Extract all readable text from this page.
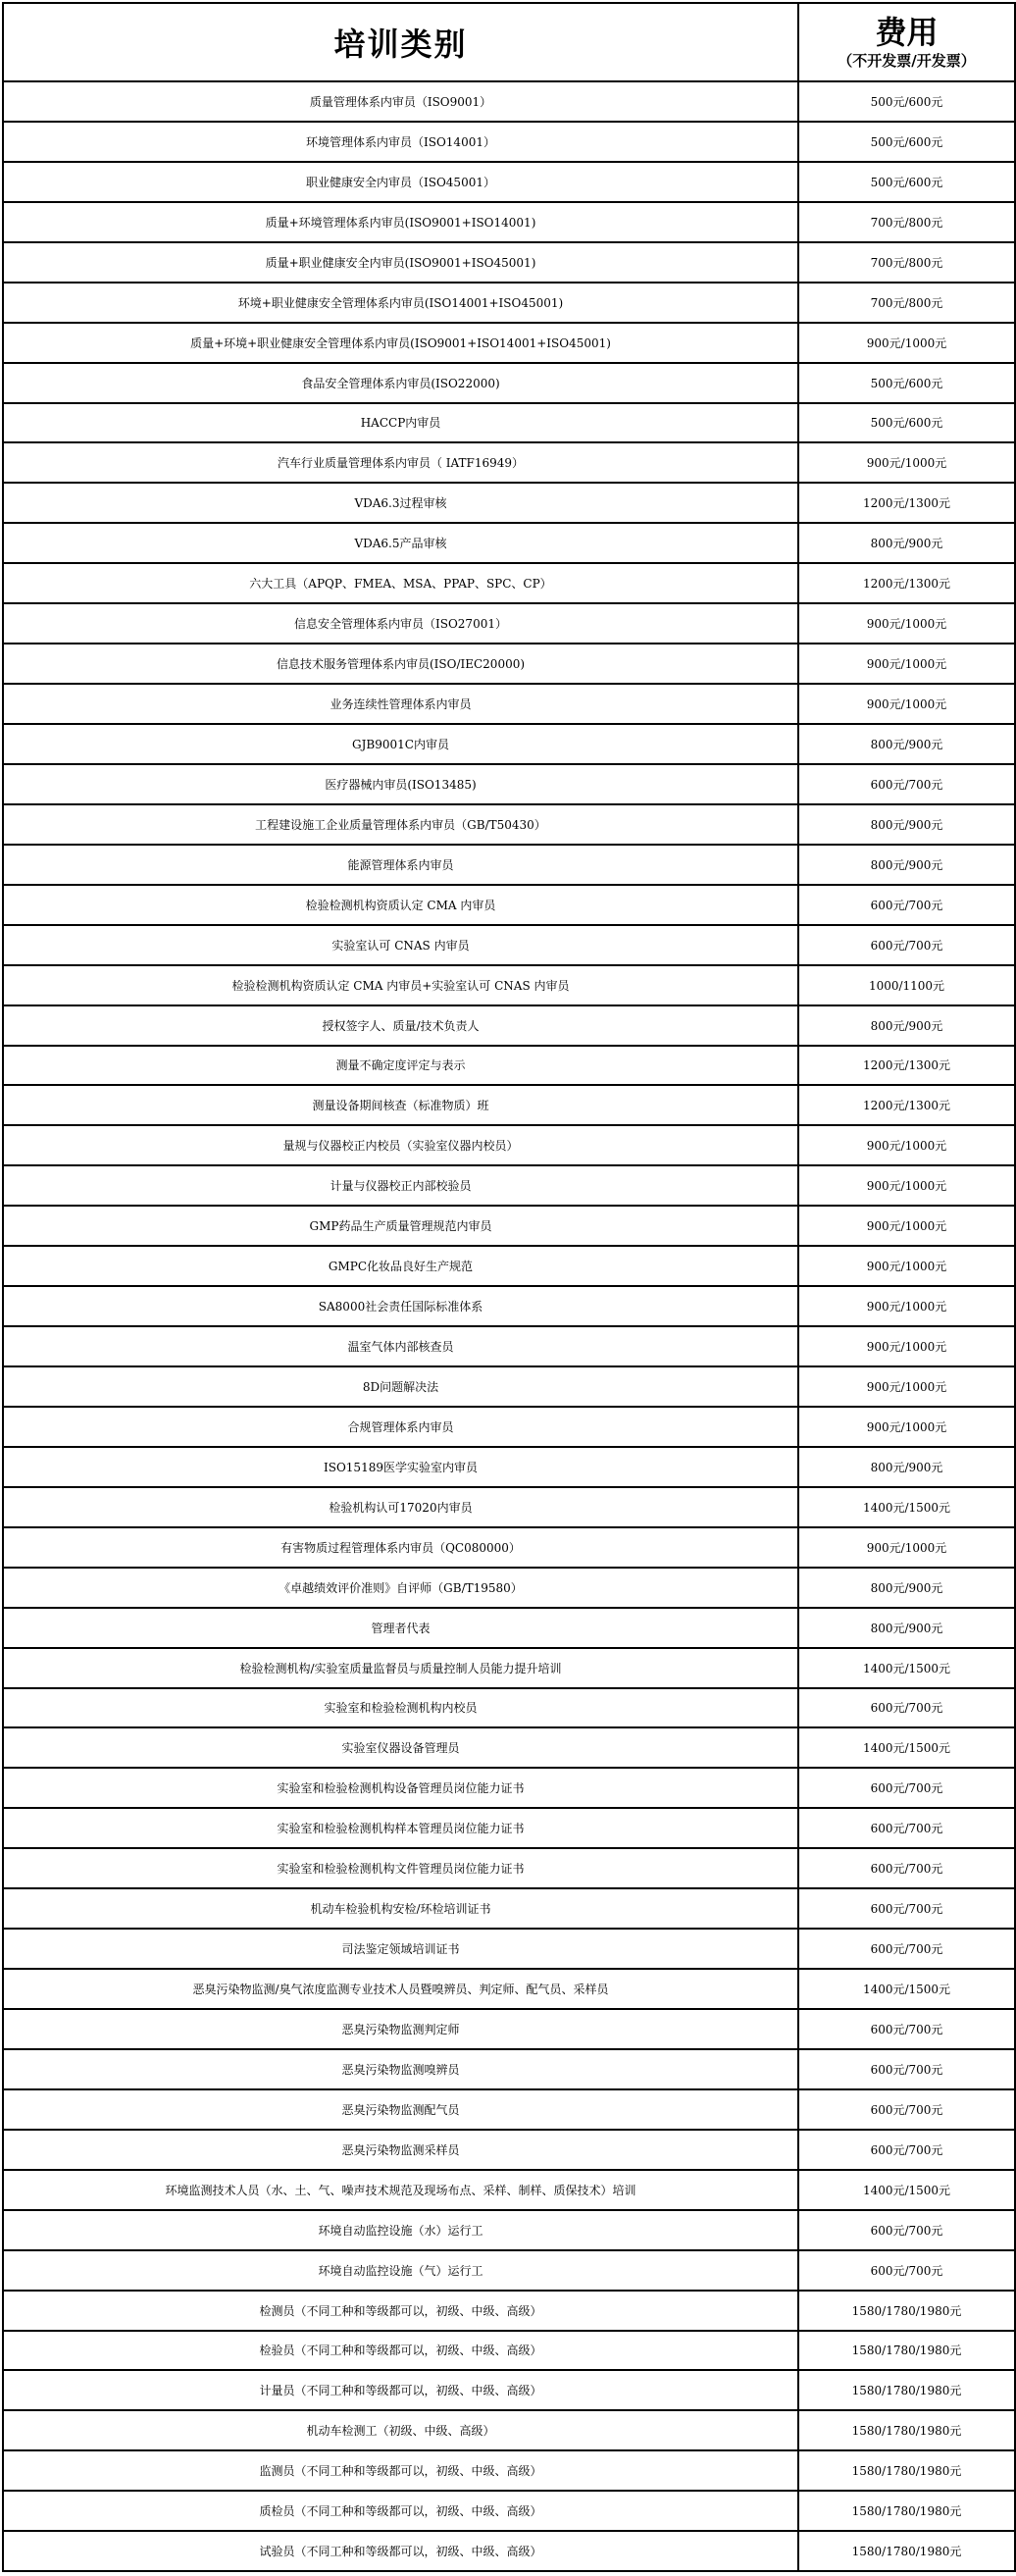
培训类别	费用
（不开发票/开发票）

质量管理体系内审员（ISO9001）	500元/600元
环境管理体系内审员（ISO14001）	500元/600元
职业健康安全内审员（ISO45001）	500元/600元
质量+环境管理体系内审员(ISO9001+ISO14001)	700元/800元
质量+职业健康安全内审员(ISO9001+ISO45001)	700元/800元
环境+职业健康安全管理体系内审员(ISO14001+ISO45001)	700元/800元
质量+环境+职业健康安全管理体系内审员(ISO9001+ISO14001+ISO45001)	900元/1000元
食品安全管理体系内审员(ISO22000)	500元/600元
HACCP内审员	500元/600元
汽车行业质量管理体系内审员（ IATF16949）	900元/1000元
VDA6.3过程审核	1200元/1300元
VDA6.5产品审核	800元/900元
六大工具（APQP、FMEA、MSA、PPAP、SPC、CP）	1200元/1300元
信息安全管理体系内审员（ISO27001）	900元/1000元
信息技术服务管理体系内审员(ISO/IEC20000)	900元/1000元
业务连续性管理体系内审员	900元/1000元
GJB9001C内审员	800元/900元
医疗器械内审员(ISO13485)	600元/700元
工程建设施工企业质量管理体系内审员（GB/T50430）	800元/900元
能源管理体系内审员	800元/900元
检验检测机构资质认定 CMA 内审员	600元/700元
实验室认可 CNAS 内审员	600元/700元
检验检测机构资质认定 CMA 内审员+实验室认可 CNAS 内审员	1000/1100元
授权签字人、质量/技术负责人	800元/900元
测量不确定度评定与表示	1200元/1300元
测量设备期间核查（标准物质）班	1200元/1300元
量规与仪器校正内校员（实验室仪器内校员）	900元/1000元
计量与仪器校正内部校验员	900元/1000元
GMP药品生产质量管理规范内审员	900元/1000元
GMPC化妆品良好生产规范	900元/1000元
SA8000社会责任国际标准体系	900元/1000元
温室气体内部核查员	900元/1000元
8D问题解决法	900元/1000元
合规管理体系内审员	900元/1000元
ISO15189医学实验室内审员	800元/900元
检验机构认可17020内审员	1400元/1500元
有害物质过程管理体系内审员（QC080000）	900元/1000元
《卓越绩效评价准则》自评师（GB/T19580）	800元/900元
管理者代表	800元/900元
检验检测机构/实验室质量监督员与质量控制人员能力提升培训	1400元/1500元
实验室和检验检测机构内校员	600元/700元
实验室仪器设备管理员	1400元/1500元
实验室和检验检测机构设备管理员岗位能力证书	600元/700元
实验室和检验检测机构样本管理员岗位能力证书	600元/700元
实验室和检验检测机构文件管理员岗位能力证书	600元/700元
机动车检验机构安检/环检培训证书	600元/700元
司法鉴定领域培训证书	600元/700元
恶臭污染物监测/臭气浓度监测专业技术人员暨嗅辨员、判定师、配气员、采样员	1400元/1500元
恶臭污染物监测判定师	600元/700元
恶臭污染物监测嗅辨员	600元/700元
恶臭污染物监测配气员	600元/700元
恶臭污染物监测采样员	600元/700元
环境监测技术人员（水、土、气、噪声技术规范及现场布点、采样、制样、质保技术）培训	1400元/1500元
环境自动监控设施（水）运行工	600元/700元
环境自动监控设施（气）运行工	600元/700元
检测员（不同工种和等级都可以，初级、中级、高级）	1580/1780/1980元
检验员（不同工种和等级都可以，初级、中级、高级）	1580/1780/1980元
计量员（不同工种和等级都可以，初级、中级、高级）	1580/1780/1980元
机动车检测工（初级、中级、高级）	1580/1780/1980元
监测员（不同工种和等级都可以，初级、中级、高级）	1580/1780/1980元
质检员（不同工种和等级都可以，初级、中级、高级）	1580/1780/1980元
试验员（不同工种和等级都可以，初级、中级、高级）	1580/1780/1980元
